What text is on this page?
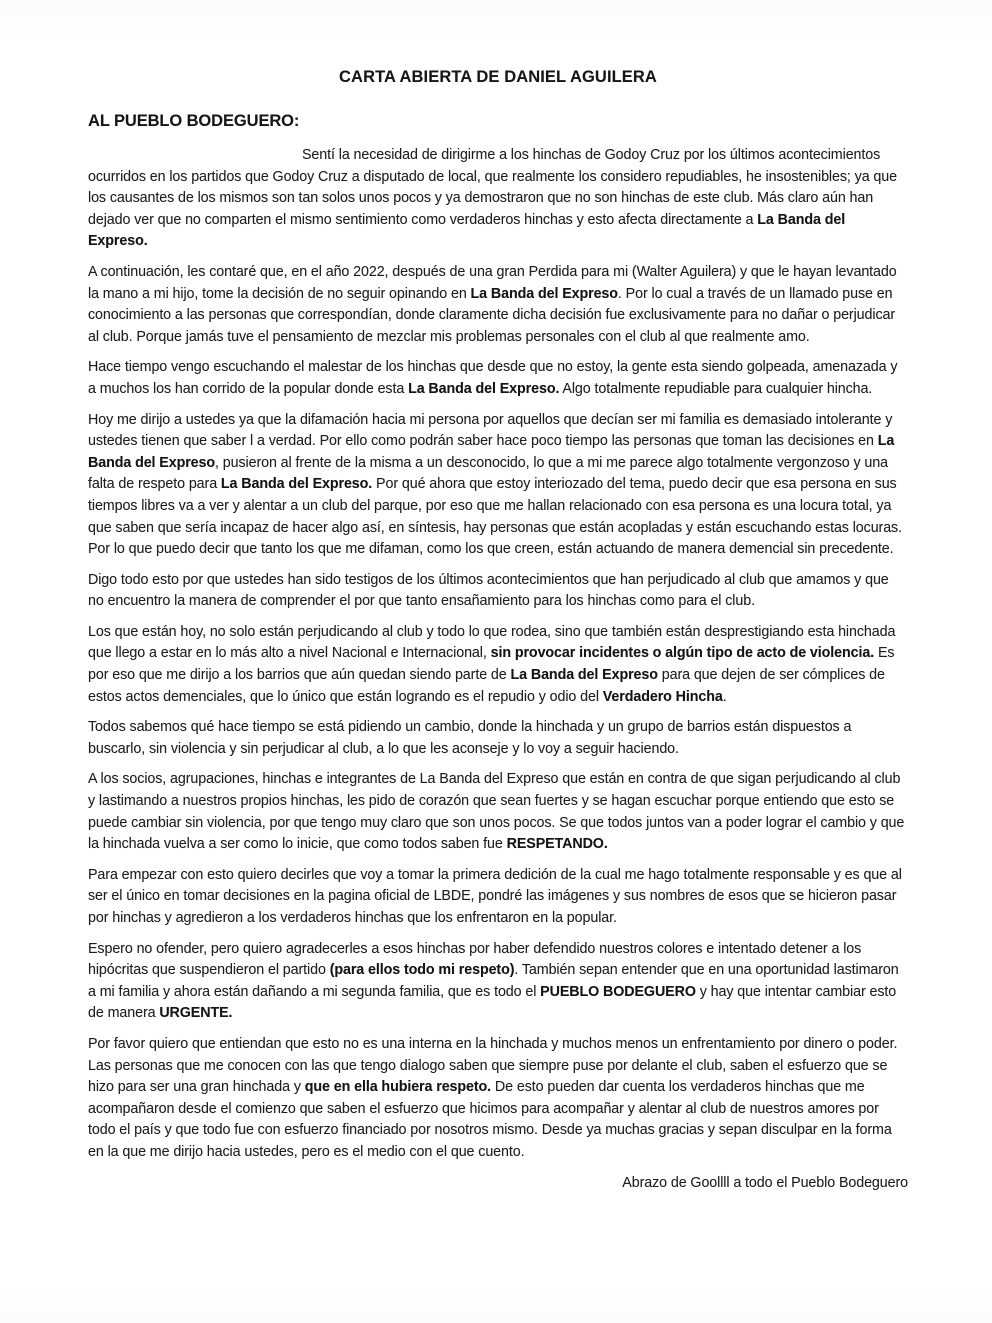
CARTA ABIERTA DE DANIEL AGUILERA
AL PUEBLO BODEGUERO:

Sentí la necesidad de dirigirme a los hinchas de Godoy Cruz por los últimos acontecimientos ocurridos en los partidos que Godoy Cruz a disputado de local, que realmente los considero repudiables, he insostenibles; ya que los causantes de los mismos son tan solos unos pocos y ya demostraron que no son hinchas de este club. Más claro aún han dejado ver que no comparten el mismo sentimiento como verdaderos hinchas y esto afecta directamente a La Banda del Expreso.

A continuación, les contaré que, en el año 2022, después de una gran Perdida para mi (Walter Aguilera) y que le hayan levantado la mano a mi hijo, tome la decisión de no seguir opinando en La Banda del Expreso. Por lo cual a través de un llamado puse en conocimiento a las personas que correspondían, donde claramente dicha decisión fue exclusivamente para no dañar o perjudicar al club. Porque jamás tuve el pensamiento de mezclar mis problemas personales con el club al que realmente amo.

Hace tiempo vengo escuchando el malestar de los hinchas que desde que no estoy, la gente esta siendo golpeada, amenazada y a muchos los han corrido de la popular donde esta La Banda del Expreso. Algo totalmente repudiable para cualquier hincha.

Hoy me dirijo a ustedes ya que la difamación hacia mi persona por aquellos que decían ser mi familia es demasiado intolerante y ustedes tienen que saber l a verdad. Por ello como podrán saber hace poco tiempo las personas que toman las decisiones en La Banda del Expreso, pusieron al frente de la misma a un desconocido, lo que a mi me parece algo totalmente vergonzoso y una falta de respeto para La Banda del Expreso. Por qué ahora que estoy interiozado del tema, puedo decir que esa persona en sus tiempos libres va a ver y alentar a un club del parque, por eso que me hallan relacionado con esa persona es una locura total, ya que saben que sería incapaz de hacer algo así, en síntesis, hay personas que están acopladas y están escuchando estas locuras. Por lo que puedo decir que tanto los que me difaman, como los que creen, están actuando de manera demencial sin precedente.

Digo todo esto por que ustedes han sido testigos de los últimos acontecimientos que han perjudicado al club que amamos y que no encuentro la manera de comprender el por que tanto ensañamiento para los hinchas como para el club.

Los que están hoy, no solo están perjudicando al club y todo lo que rodea, sino que también están desprestigiando esta hinchada que llego a estar en lo más alto a nivel Nacional e Internacional, sin provocar incidentes o algún tipo de acto de violencia. Es por eso que me dirijo a los barrios que aún quedan siendo parte de La Banda del Expreso para que dejen de ser cómplices de estos actos demenciales, que lo único que están logrando es el repudio y odio del Verdadero Hincha.

Todos sabemos qué hace tiempo se está pidiendo un cambio, donde la hinchada y un grupo de barrios están dispuestos a buscarlo, sin violencia y sin perjudicar al club, a lo que les aconseje y lo voy a seguir haciendo.

A los socios, agrupaciones, hinchas e integrantes de La Banda del Expreso que están en contra de que sigan perjudicando al club y lastimando a nuestros propios hinchas, les pido de corazón que sean fuertes y se hagan escuchar porque entiendo que esto se puede cambiar sin violencia, por que tengo muy claro que son unos pocos. Se que todos juntos van a poder lograr el cambio y que la hinchada vuelva a ser como lo inicie, que como todos saben fue RESPETANDO.

Para empezar con esto quiero decirles que voy a tomar la primera dedición de la cual me hago totalmente responsable y es que al ser el único en tomar decisiones en la pagina oficial de LBDE, pondré las imágenes y sus nombres de esos que se hicieron pasar por hinchas y agredieron a los verdaderos hinchas que los enfrentaron en la popular.

Espero no ofender, pero quiero agradecerles a esos hinchas por haber defendido nuestros colores e intentado detener a los hipócritas que suspendieron el partido (para ellos todo mi respeto). También sepan entender que en una oportunidad lastimaron a mi familia y ahora están dañando a mi segunda familia, que es todo el PUEBLO BODEGUERO y hay que intentar cambiar esto de manera URGENTE.

Por favor quiero que entiendan que esto no es una interna en la hinchada y muchos menos un enfrentamiento por dinero o poder. Las personas que me conocen con las que tengo dialogo saben que siempre puse por delante el club, saben el esfuerzo que se hizo para ser una gran hinchada y que en ella hubiera respeto. De esto pueden dar cuenta los verdaderos hinchas que me acompañaron desde el comienzo que saben el esfuerzo que hicimos para acompañar y alentar al club de nuestros amores por todo el país y que todo fue con esfuerzo financiado por nosotros mismo. Desde ya muchas gracias y sepan disculpar en la forma en la que me dirijo hacia ustedes, pero es el medio con el que cuento.

Abrazo de Goollll a todo el Pueblo Bodeguero
